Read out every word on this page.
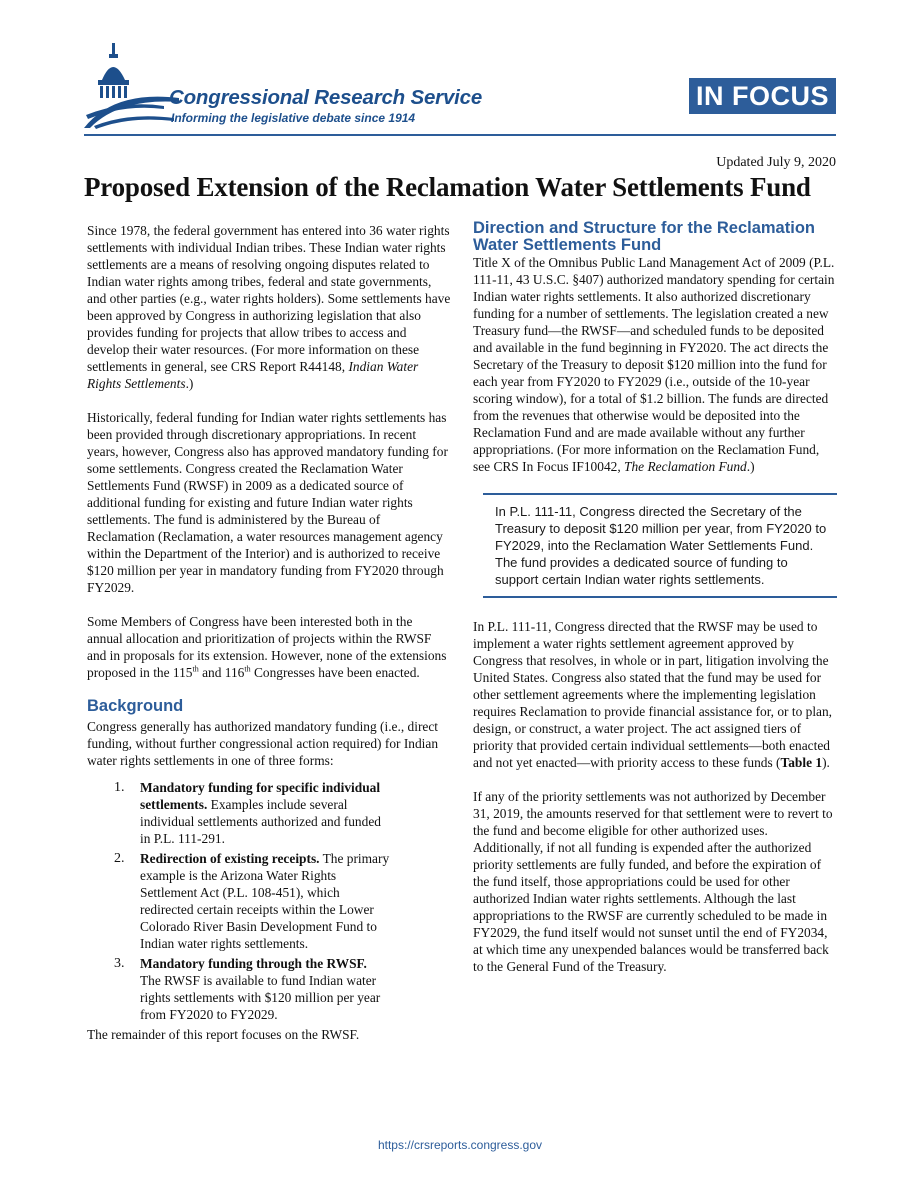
Congressional Research Service
Informing the legislative debate since 1914
IN FOCUS
Updated July 9, 2020
Proposed Extension of the Reclamation Water Settlements Fund

Since 1978, the federal government has entered into 36 water rights settlements with individual Indian tribes. These Indian water rights settlements are a means of resolving ongoing disputes related to Indian water rights among tribes, federal and state governments, and other parties (e.g., water rights holders). Some settlements have been approved by Congress in authorizing legislation that also provides funding for projects that allow tribes to access and develop their water resources. (For more information on these settlements in general, see CRS Report R44148, Indian Water Rights Settlements.)

Historically, federal funding for Indian water rights settlements has been provided through discretionary appropriations. In recent years, however, Congress also has approved mandatory funding for some settlements. Congress created the Reclamation Water Settlements Fund (RWSF) in 2009 as a dedicated source of additional funding for existing and future Indian water rights settlements. The fund is administered by the Bureau of Reclamation (Reclamation, a water resources management agency within the Department of the Interior) and is authorized to receive $120 million per year in mandatory funding from FY2020 through FY2029.

Some Members of Congress have been interested both in the annual allocation and prioritization of projects within the RWSF and in proposals for its extension. However, none of the extensions proposed in the 115th and 116th Congresses have been enacted.

Background

Congress generally has authorized mandatory funding (i.e., direct funding, without further congressional action required) for Indian water rights settlements in one of three forms:

1. Mandatory funding for specific individual settlements. Examples include several individual settlements authorized and funded in P.L. 111-291.
2. Redirection of existing receipts. The primary example is the Arizona Water Rights Settlement Act (P.L. 108-451), which redirected certain receipts within the Lower Colorado River Basin Development Fund to Indian water rights settlements.
3. Mandatory funding through the RWSF. The RWSF is available to fund Indian water rights settlements with $120 million per year from FY2020 to FY2029.

The remainder of this report focuses on the RWSF.

Direction and Structure for the Reclamation Water Settlements Fund

Title X of the Omnibus Public Land Management Act of 2009 (P.L. 111-11, 43 U.S.C. §407) authorized mandatory spending for certain Indian water rights settlements. It also authorized discretionary funding for a number of settlements. The legislation created a new Treasury fund—the RWSF—and scheduled funds to be deposited and available in the fund beginning in FY2020. The act directs the Secretary of the Treasury to deposit $120 million into the fund for each year from FY2020 to FY2029 (i.e., outside of the 10-year scoring window), for a total of $1.2 billion. The funds are directed from the revenues that otherwise would be deposited into the Reclamation Fund and are made available without any further appropriations. (For more information on the Reclamation Fund, see CRS In Focus IF10042, The Reclamation Fund.)

In P.L. 111-11, Congress directed the Secretary of the Treasury to deposit $120 million per year, from FY2020 to FY2029, into the Reclamation Water Settlements Fund. The fund provides a dedicated source of funding to support certain Indian water rights settlements.

In P.L. 111-11, Congress directed that the RWSF may be used to implement a water rights settlement agreement approved by Congress that resolves, in whole or in part, litigation involving the United States. Congress also stated that the fund may be used for other settlement agreements where the implementing legislation requires Reclamation to provide financial assistance for, or to plan, design, or construct, a water project. The act assigned tiers of priority that provided certain individual settlements—both enacted and not yet enacted—with priority access to these funds (Table 1).

If any of the priority settlements was not authorized by December 31, 2019, the amounts reserved for that settlement were to revert to the fund and become eligible for other authorized uses. Additionally, if not all funding is expended after the authorized priority settlements are fully funded, and before the expiration of the fund itself, those appropriations could be used for other authorized Indian water rights settlements. Although the last appropriations to the RWSF are currently scheduled to be made in FY2029, the fund itself would not sunset until the end of FY2034, at which time any unexpended balances would be transferred back to the General Fund of the Treasury.

https://crsreports.congress.gov
